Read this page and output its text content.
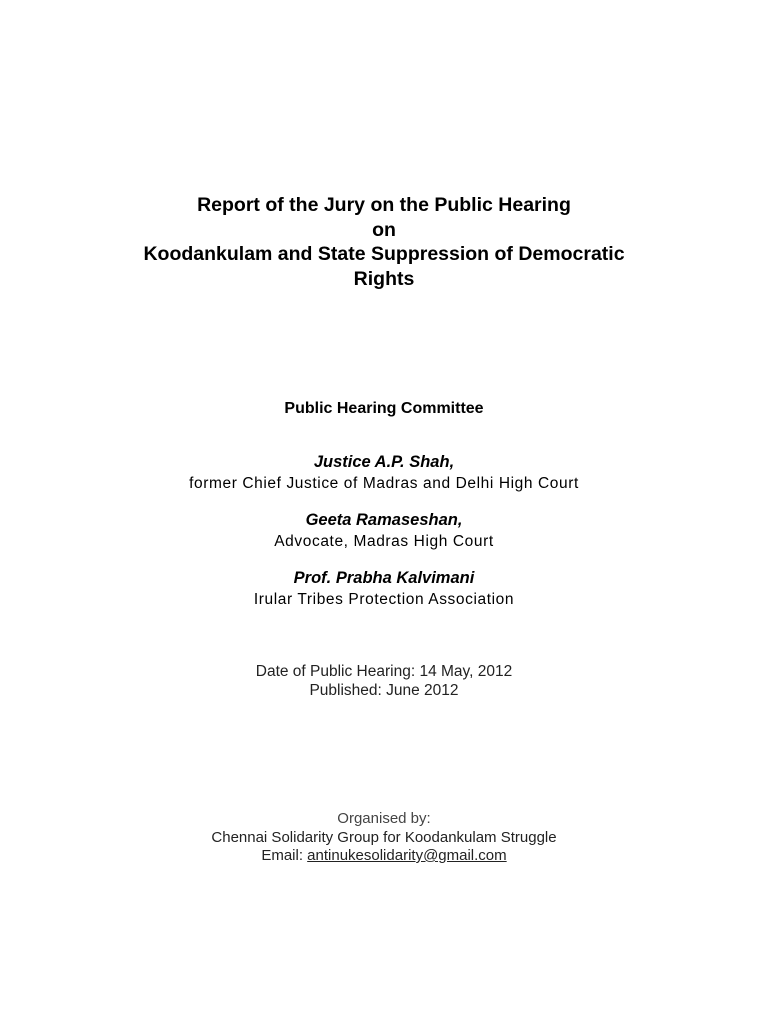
Report of the Jury on the Public Hearing

on

Koodankulam and State Suppression of Democratic

Rights

Public Hearing Committee
Justice A.P. Shah,
former Chief Justice of Madras and Delhi High Court
Geeta Ramaseshan,
Advocate, Madras High Court
Prof. Prabha Kalvimani
Irular Tribes Protection Association
Date of Public Hearing: 14 May, 2012
Published: June 2012
Organised by:
Chennai Solidarity Group for Koodankulam Struggle
Email: antinukesolidarity@gmail.com
